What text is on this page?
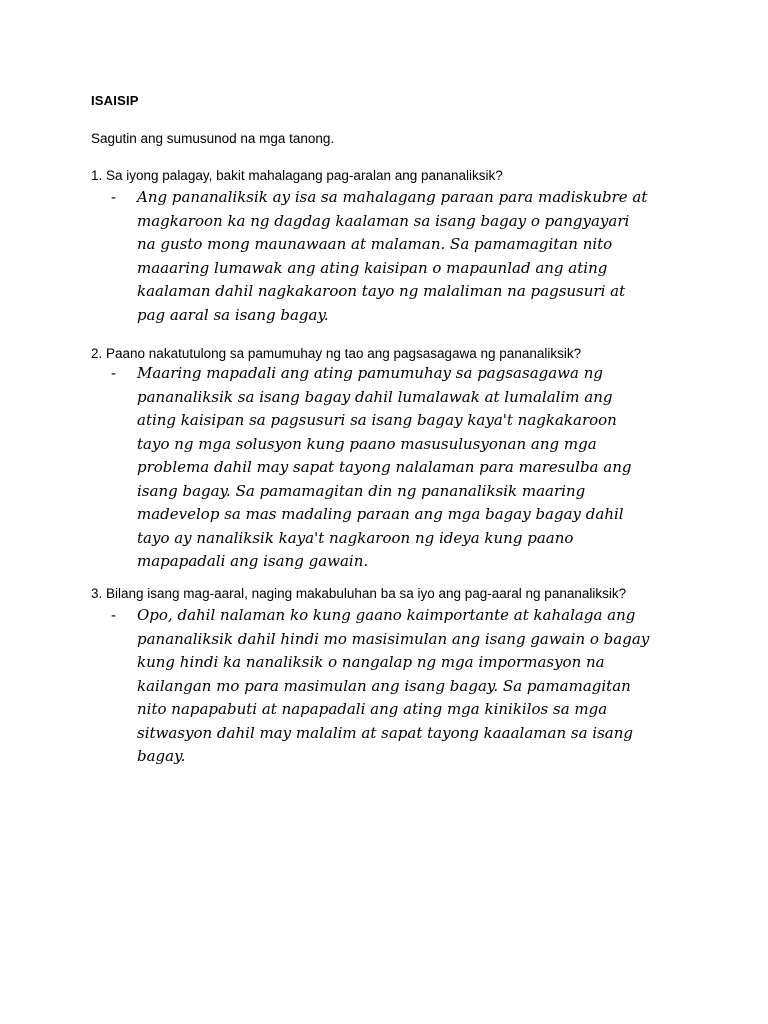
ISAISIP
Sagutin ang sumusunod na mga tanong.
1. Sa iyong palagay, bakit mahalagang pag-aralan ang pananaliksik?
- Ang pananaliksik ay isa sa mahalagang paraan para madiskubre at
magkaroon ka ng dagdag kaalaman sa isang bagay o pangyayari
na gusto mong maunawaan at malaman. Sa pamamagitan nito
maaaring lumawak ang ating kaisipan o mapaunlad ang ating
kaalaman dahil nagkakaroon tayo ng malaliman na pagsusuri at
pag aaral sa isang bagay.
2. Paano nakatutulong sa pamumuhay ng tao ang pagsasagawa ng pananaliksik?
- Maaring mapadali ang ating pamumuhay sa pagsasagawa ng
pananaliksik sa isang bagay dahil lumalawak at lumalalim ang
ating kaisipan sa pagsusuri sa isang bagay kaya't nagkakaroon
tayo ng mga solusyon kung paano masusulusyonan ang mga
problema dahil may sapat tayong nalalaman para maresulba ang
isang bagay. Sa pamamagitan din ng pananaliksik maaring
madevelop sa mas madaling paraan ang mga bagay bagay dahil
tayo ay nanaliksik kaya't nagkaroon ng ideya kung paano
mapapadali ang isang gawain.
3. Bilang isang mag-aaral, naging makabuluhan ba sa iyo ang pag-aaral ng pananaliksik?
- Opo, dahil nalaman ko kung gaano kaimportante at kahalaga ang
pananaliksik dahil hindi mo masisimulan ang isang gawain o bagay
kung hindi ka nanaliksik o nangalap ng mga impormasyon na
kailangan mo para masimulan ang isang bagay. Sa pamamagitan
nito napapabuti at napapadali ang ating mga kinikilos sa mga
sitwasyon dahil may malalim at sapat tayong kaaalaman sa isang
bagay.
